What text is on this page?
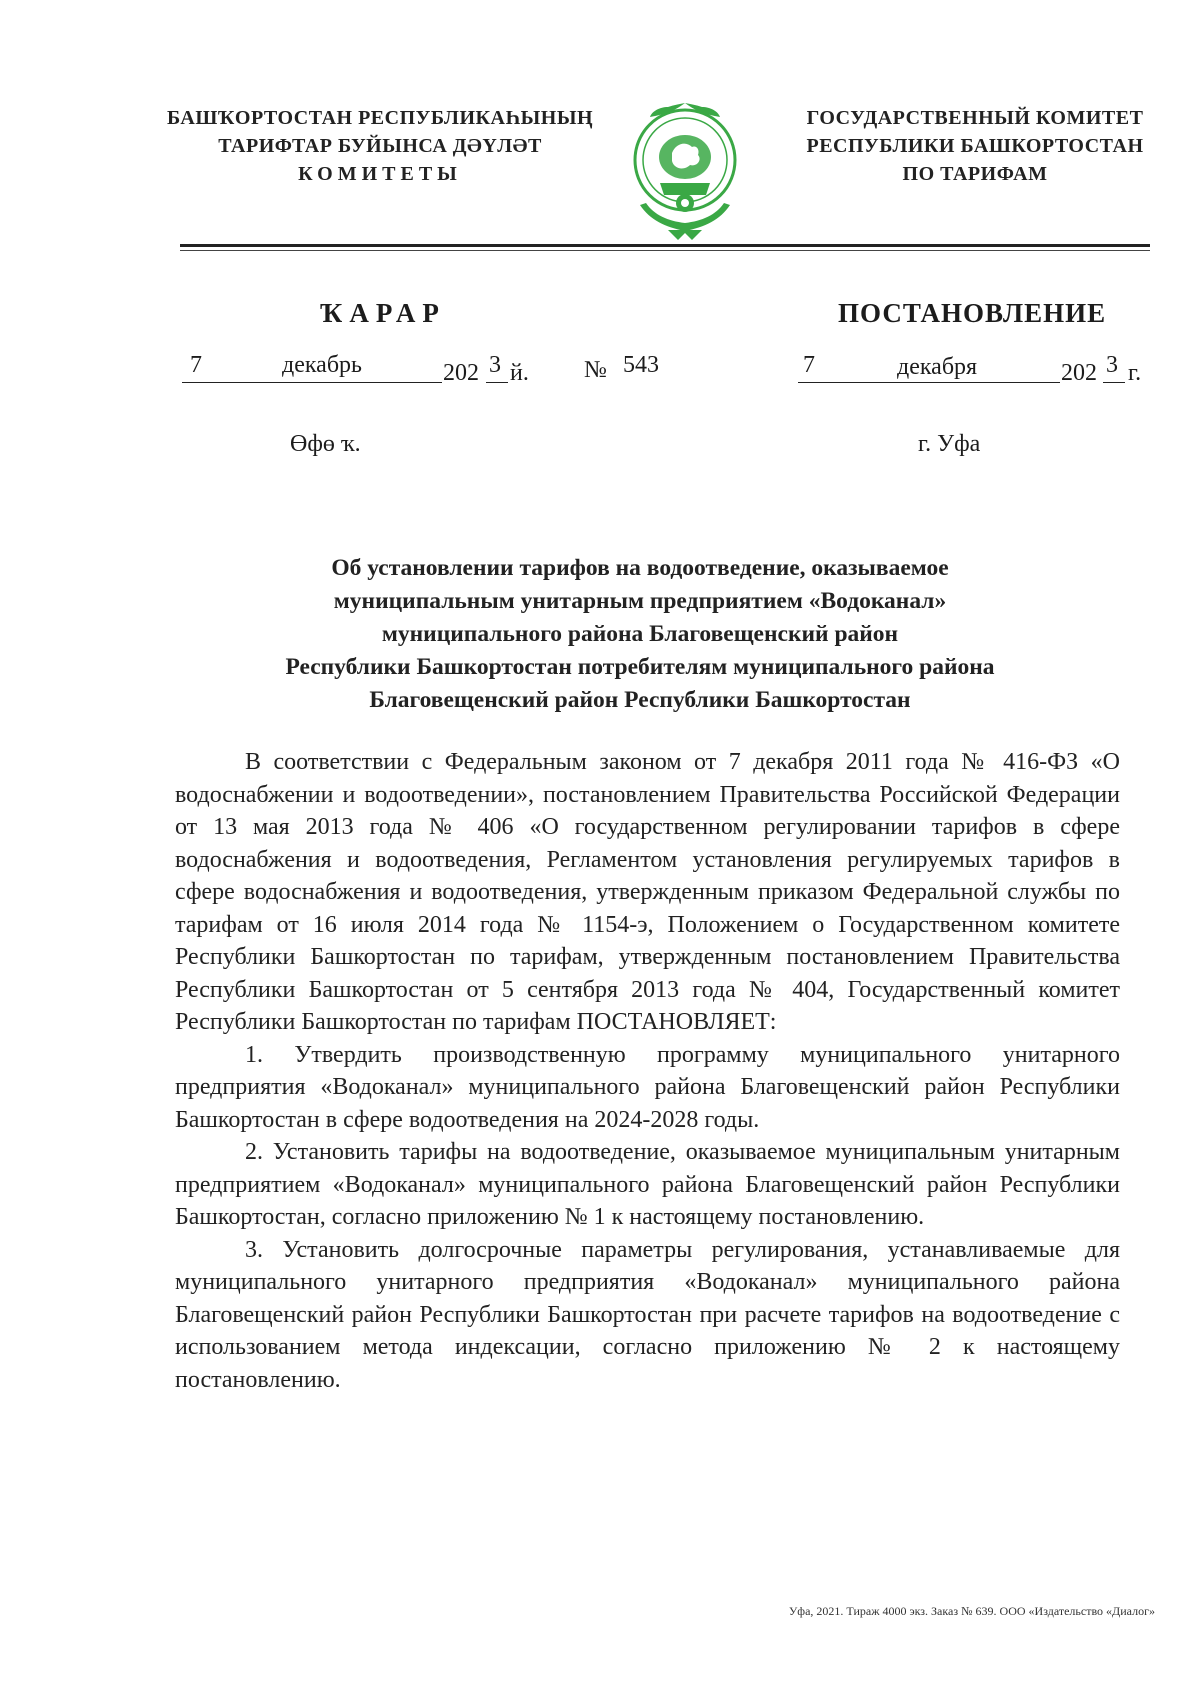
БАШҠОРТОСТАН РЕСПУБЛИКАҺЫНЫҢ
ТАРИФТАР БУЙЫНСА ДӘҮЛӘТ
КОМИТЕТЫ
ГОСУДАРСТВЕННЫЙ КОМИТЕТ
РЕСПУБЛИКИ БАШКОРТОСТАН
ПО ТАРИФАМ
ҠАРАР	ПОСТАНОВЛЕНИЕ
7	декабрь	202 3 й. № 543	7	декабря	202 3 г.
Өфө ҡ.	г. Уфа
Об установлении тарифов на водоотведение, оказываемое
муниципальным унитарным предприятием «Водоканал»
муниципального района Благовещенский район
Республики Башкортостан потребителям муниципального района
Благовещенский район Республики Башкортостан

В соответствии с Федеральным законом от 7 декабря 2011 года № 416-ФЗ «О водоснабжении и водоотведении», постановлением Правительства Российской Федерации от 13 мая 2013 года № 406 «О государственном регулировании тарифов в сфере водоснабжения и водоотведения, Регламентом установления регулируемых тарифов в сфере водоснабжения и водоотведения, утвержденным приказом Федеральной службы по тарифам от 16 июля 2014 года № 1154-э, Положением о Государственном комитете Республики Башкортостан по тарифам, утвержденным постановлением Правительства Республики Башкортостан от 5 сентября 2013 года № 404, Государственный комитет Республики Башкортостан по тарифам ПОСТАНОВЛЯЕТ:

1. Утвердить производственную программу муниципального унитарного предприятия «Водоканал» муниципального района Благовещенский район Республики Башкортостан в сфере водоотведения на 2024-2028 годы.

2. Установить тарифы на водоотведение, оказываемое муниципальным унитарным предприятием «Водоканал» муниципального района Благовещенский район Республики Башкортостан, согласно приложению № 1 к настоящему постановлению.

3. Установить долгосрочные параметры регулирования, устанавливаемые для муниципального унитарного предприятия «Водоканал» муниципального района Благовещенский район Республики Башкортостан при расчете тарифов на водоотведение с использованием метода индексации, согласно приложению № 2 к настоящему постановлению.

Уфа, 2021. Тираж 4000 экз. Заказ № 639. ООО «Издательство «Диалог»
